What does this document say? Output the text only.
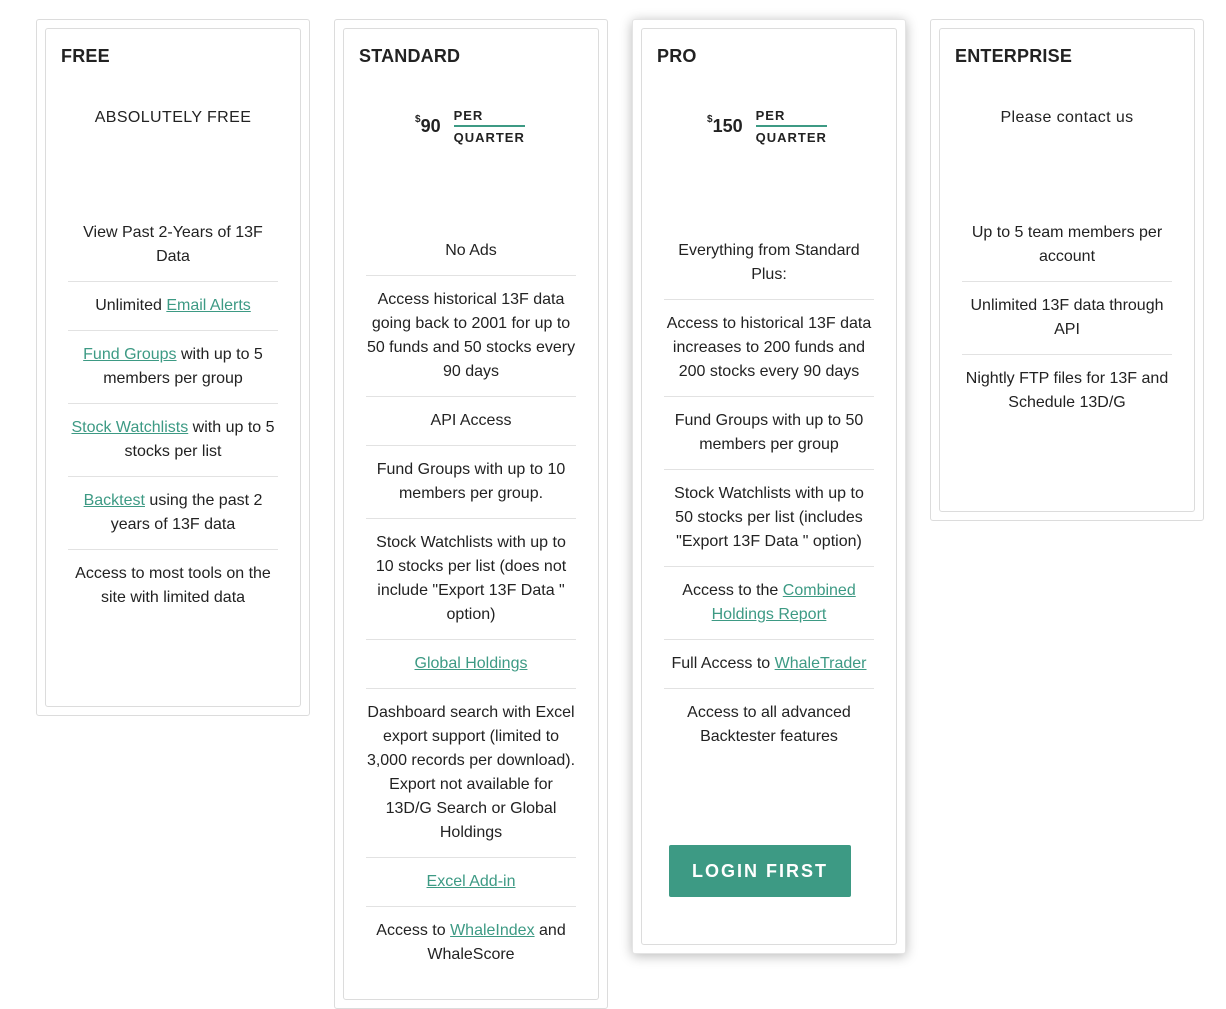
FREE
ABSOLUTELY FREE
View Past 2-Years of 13F Data
Unlimited Email Alerts
Fund Groups with up to 5 members per group
Stock Watchlists with up to 5 stocks per list
Backtest using the past 2 years of 13F data
Access to most tools on the site with limited data
STANDARD
$ 90
PER
QUARTER
No Ads
Access historical 13F data going back to 2001 for up to 50 funds and 50 stocks every 90 days
API Access
Fund Groups with up to 10 members per group.
Stock Watchlists with up to 10 stocks per list (does not include "Export 13F Data " option)
Global Holdings
Dashboard search with Excel export support (limited to 3,000 records per download). Export not available for 13D/G Search or Global Holdings
Excel Add-in
Access to WhaleIndex and WhaleScore
PRO
$ 150
PER
QUARTER
Everything from Standard Plus:
Access to historical 13F data increases to 200 funds and 200 stocks every 90 days
Fund Groups with up to 50 members per group
Stock Watchlists with up to 50 stocks per list (includes "Export 13F Data " option)
Access to the Combined Holdings Report
Full Access to WhaleTrader
Access to all advanced Backtester features
LOGIN FIRST
ENTERPRISE
Please contact us
Up to 5 team members per account
Unlimited 13F data through API
Nightly FTP files for 13F and Schedule 13D/G
